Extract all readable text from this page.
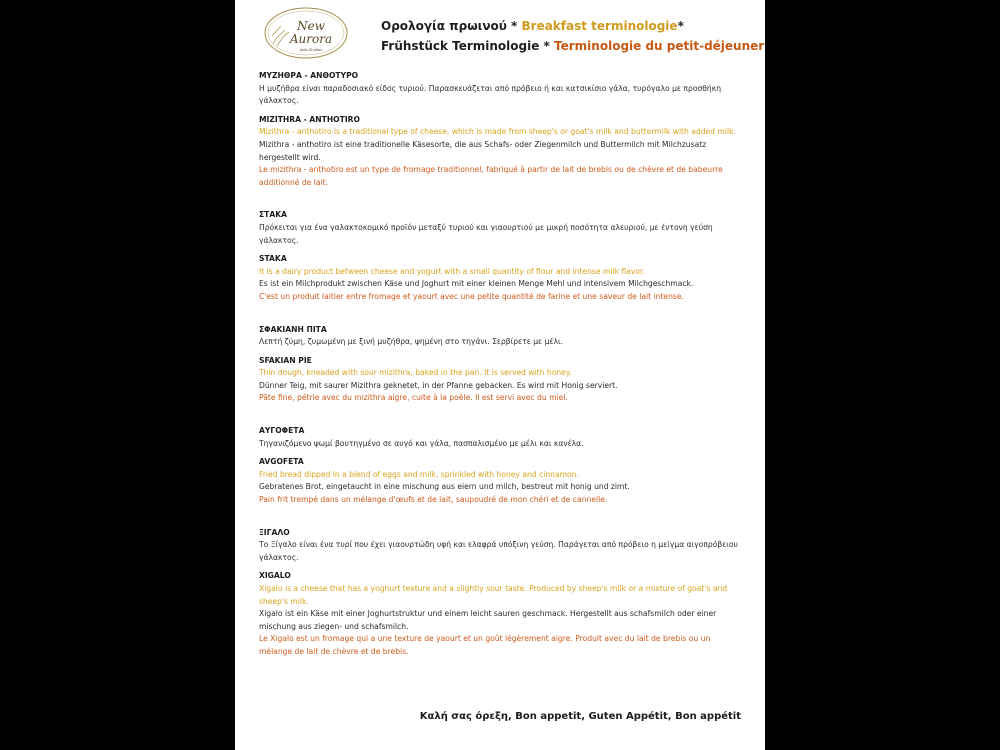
New
Aurora
Apts Studios
Ορολογία πρωινού * Breakfast terminologie*
Frühstück Terminologie * Terminologie du petit-déjeuner
ΜΥΖΗΘΡΑ - ΑΝΘΟΤΥΡΟ
Η μυζήθρα είναι παραδοσιακό είδος τυριού. Παρασκευάζεται από πρόβειο ή και κατσικίσιο γάλα, τυρόγαλο με προσθήκη γάλακτος.
MIZITHRA - ANTHOTIRO
Mizithra - anthotiro is a traditional type of cheese, which is made from sheep's or goat's milk and buttermilk with added milk.
Mizithra - anthotiro ist eine traditionelle Käsesorte, die aus Schafs- oder Ziegenmilch und Buttermilch mit Milchzusatz hergestellt wird.
Le mizithra - anthotiro est un type de fromage traditionnel, fabriqué à partir de lait de brebis ou de chèvre et de babeurre additionné de lait.
ΣΤΑΚΑ
Πρόκειται για ένα γαλακτοκομικό προϊόν μεταξύ τυριού και γιαουρτιού με μικρή ποσότητα αλευριού, με έντονη γεύση γάλακτος.
STAKA
It is a dairy product between cheese and yogurt with a small quantity of flour and intense milk flavor.
Es ist ein Milchprodukt zwischen Käse und Joghurt mit einer kleinen Menge Mehl und intensivem Milchgeschmack.
C'est un produit laitier entre fromage et yaourt avec une petite quantité de farine et une saveur de lait intense.
ΣΦΑΚΙΑΝΗ ΠΙΤΑ
Λεπτή ζύμη, ζυμωμένη με ξινή μυζήθρα, ψημένη στο τηγάνι. Σερβίρετε με μέλι.
SFAKIAN PIE
Thin dough, kneaded with sour mizithra, baked in the pan. It is served with honey.
Dünner Teig, mit saurer Mizithra geknetet, in der Pfanne gebacken. Es wird mit Honig serviert.
Pâte fine, pétrie avec du mizithra aigre, cuite à la poêle. Il est servi avec du miel.
ΑΥΓΟΦΕΤΑ
Τηγανιζόμενο ψωμί βουτηγμένο σε αυγό και γάλα, πασπαλισμένο με μέλι και κανέλα.
AVGOFETA
Fried bread dipped in a blend of eggs and milk, sprinkled with honey and cinnamon.
Gebratenes Brot, eingetaucht in eine mischung aus eiern und milch, bestreut mit honig und zimt.
Pain frit trempé dans un mélange d'œufs et de lait, saupoudré de mon chéri et de cannelle.
ΞΙΓΑΛΟ
Το Ξίγαλο είναι ένα τυρί που έχει γιαουρτώδη υφή και ελαφρά υπόξινη γεύση. Παράγεται από πρόβειο η μείγμα αιγοπρόβειου γάλακτος.
XIGALO
Xigalo is a cheese that has a yoghurt texture and a slightly sour taste. Produced by sheep's milk or a mixture of goat's and sheep's milk.
Xigalo ist ein Käse mit einer Joghurtstruktur und einem leicht sauren geschmack. Hergestellt aus schafsmilch oder einer mischung aus ziegen- und schafsmilch.
Le Xigalo est un fromage qui a une texture de yaourt et un goût légèrement aigre. Produit avec du lait de brebis ou un mélange de lait de chèvre et de brebis.
Καλή σας όρεξη, Bon appetit, Guten Appétit, Bon appétit
